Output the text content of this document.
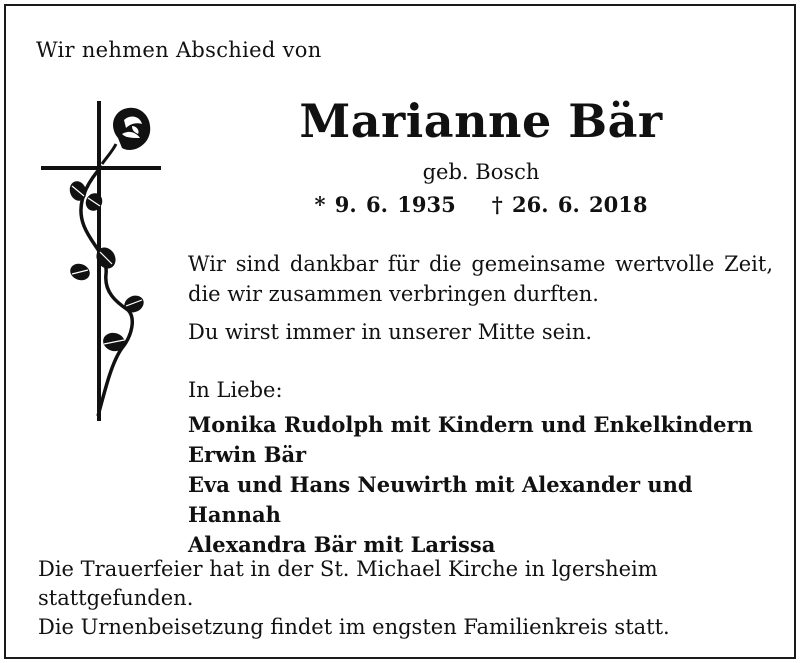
Wir nehmen Abschied von
Marianne Bär
geb. Bosch
* 9. 6. 1935 † 26. 6. 2018

Wir sind dankbar für die gemeinsame wertvolle Zeit, die wir zusammen verbringen durften.

Du wirst immer in unserer Mitte sein.

In Liebe:

Monika Rudolph mit Kindern und Enkelkindern
Erwin Bär
Eva und Hans Neuwirth mit Alexander und Hannah
Alexandra Bär mit Larissa

Die Trauerfeier hat in der St. Michael Kirche in lgersheim stattgefunden.

Die Urnenbeisetzung findet im engsten Familienkreis statt.
